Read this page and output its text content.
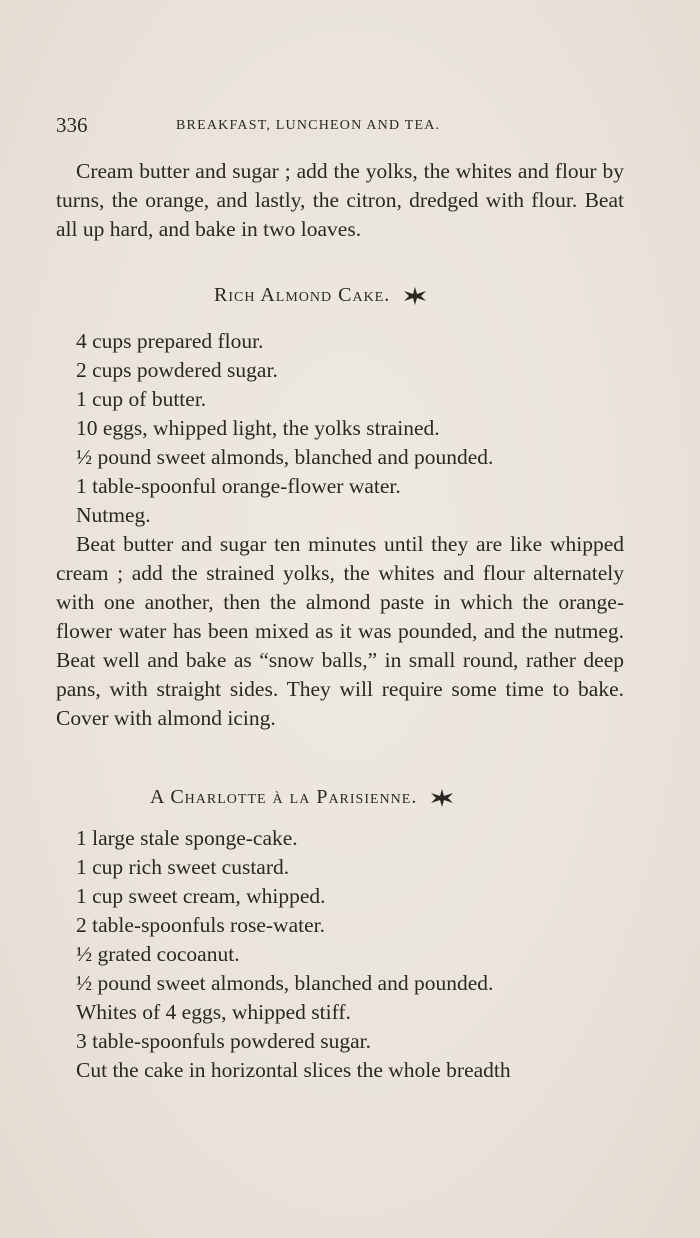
336	BREAKFAST, LUNCHEON AND TEA.
Cream butter and sugar ; add the yolks, the whites and flour by turns, the orange, and lastly, the citron, dredged with flour. Beat all up hard, and bake in two loaves.
Rich Almond Cake.
4 cups prepared flour.
2 cups powdered sugar.
1 cup of butter.
10 eggs, whipped light, the yolks strained.
½ pound sweet almonds, blanched and pounded.
1 table-spoonful orange-flower water.
Nutmeg.
Beat butter and sugar ten minutes until they are like whipped cream ; add the strained yolks, the whites and flour alternately with one another, then the almond paste in which the orange-flower water has been mixed as it was pounded, and the nutmeg. Beat well and bake as “snow balls,” in small round, rather deep pans, with straight sides. They will require some time to bake. Cover with almond icing.
A Charlotte à la Parisienne.
1 large stale sponge-cake.
1 cup rich sweet custard.
1 cup sweet cream, whipped.
2 table-spoonfuls rose-water.
½ grated cocoanut.
½ pound sweet almonds, blanched and pounded.
Whites of 4 eggs, whipped stiff.
3 table-spoonfuls powdered sugar.
Cut the cake in horizontal slices the whole breadth
